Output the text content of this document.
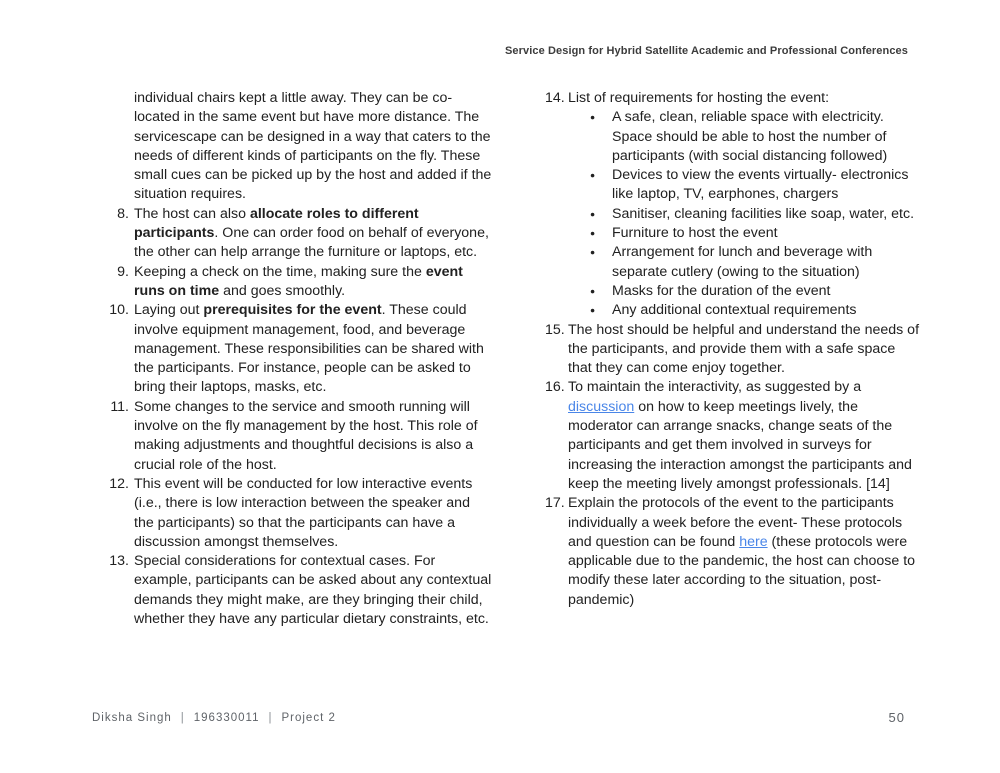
Service Design for Hybrid Satellite Academic and Professional Conferences

individual chairs kept a little away. They can be co-located in the same event but have more distance. The servicescape can be designed in a way that caters to the needs of different kinds of participants on the fly. These small cues can be picked up by the host and added if the situation requires.

8. The host can also allocate roles to different participants. One can order food on behalf of everyone, the other can help arrange the furniture or laptops, etc.
9. Keeping a check on the time, making sure the event runs on time and goes smoothly.
10. Laying out prerequisites for the event. These could involve equipment management, food, and beverage management. These responsibilities can be shared with the participants. For instance, people can be asked to bring their laptops, masks, etc.
11. Some changes to the service and smooth running will involve on the fly management by the host. This role of making adjustments and thoughtful decisions is also a crucial role of the host.
12. This event will be conducted for low interactive events (i.e., there is low interaction between the speaker and the participants) so that the participants can have a discussion amongst themselves.
13. Special considerations for contextual cases. For example, participants can be asked about any contextual demands they might make, are they bringing their child, whether they have any particular dietary constraints, etc.
14. List of requirements for hosting the event:
●	A safe, clean, reliable space with electricity. Space should be able to host the number of participants (with social distancing followed)
●	Devices to view the events virtually- electronics like laptop, TV, earphones, chargers
●	Sanitiser, cleaning facilities like soap, water, etc.
●	Furniture to host the event
●	Arrangement for lunch and beverage with separate cutlery (owing to the situation)
●	Masks for the duration of the event
●	Any additional contextual requirements
15. The host should be helpful and understand the needs of the participants, and provide them with a safe space that they can come enjoy together.
16. To maintain the interactivity, as suggested by a discussion on how to keep meetings lively, the moderator can arrange snacks, change seats of the participants and get them involved in surveys for increasing the interaction amongst the participants and keep the meeting lively amongst professionals. [14]
17. Explain the protocols of the event to the participants individually a week before the event- These protocols and question can be found here (these protocols were applicable due to the pandemic, the host can choose to modify these later according to the situation, post-pandemic)
Diksha Singh | 196330011 | Project 2	50
